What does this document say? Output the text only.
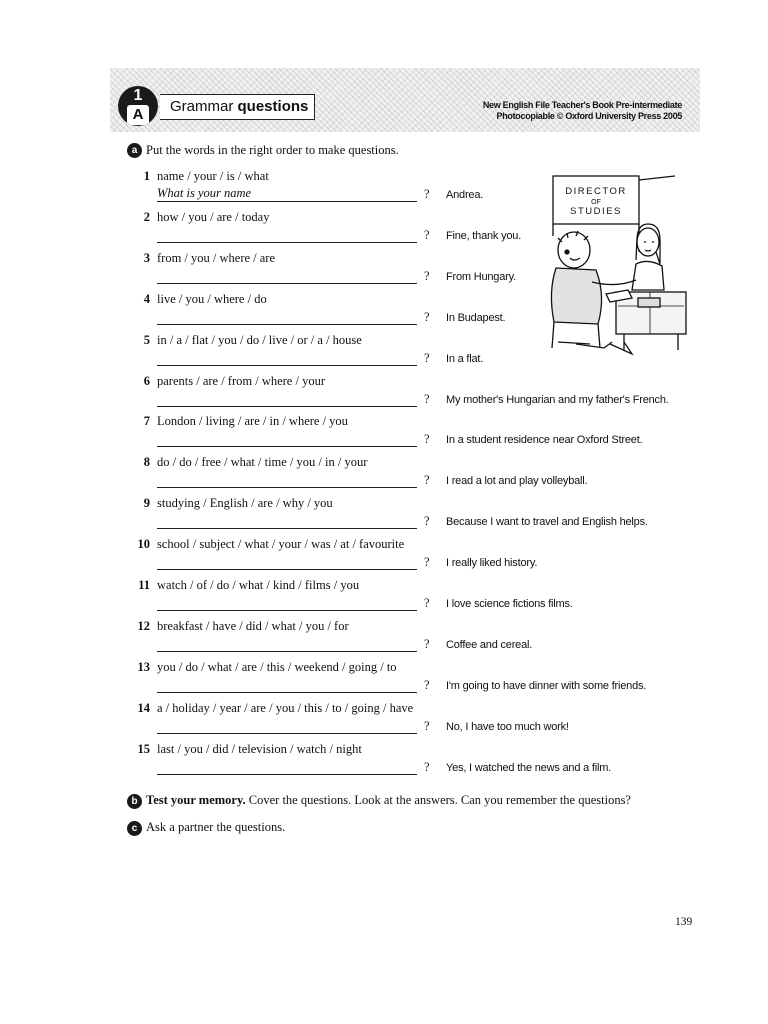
1
A	Grammar questions	New English File Teacher's Book Pre-intermediate
Photocopiable © Oxford University Press 2005
a Put the words in the right order to make questions.
1 name / your / is / what
What is your name	? Andrea.
2 how / you / are / today
? Fine, thank you.
3 from / you / where / are
? From Hungary.
4 live / you / where / do
? In Budapest.
5 in / a / flat / you / do / live / or / a / house
? In a flat.
6 parents / are / from / where / your
? My mother's Hungarian and my father's French.
7 London / living / are / in / where / you
? In a student residence near Oxford Street.
8 do / do / free / what / time / you / in / your
? I read a lot and play volleyball.
9 studying / English / are / why / you
? Because I want to travel and English helps.
10 school / subject / what / your / was / at / favourite
? I really liked history.
11 watch / of / do / what / kind / films / you
? I love science fictions films.
12 breakfast / have / did / what / you / for
? Coffee and cereal.
13 you / do / what / are / this / weekend / going / to
? I'm going to have dinner with some friends.
14 a / holiday / year / are / you / this / to / going / have
? No, I have too much work!
15 last / you / did / television / watch / night
? Yes, I watched the news and a film.
DIRECTOR
OF
STUDIES
b Test your memory. Cover the questions. Look at the answers. Can you remember the questions?
c Ask a partner the questions.
139
